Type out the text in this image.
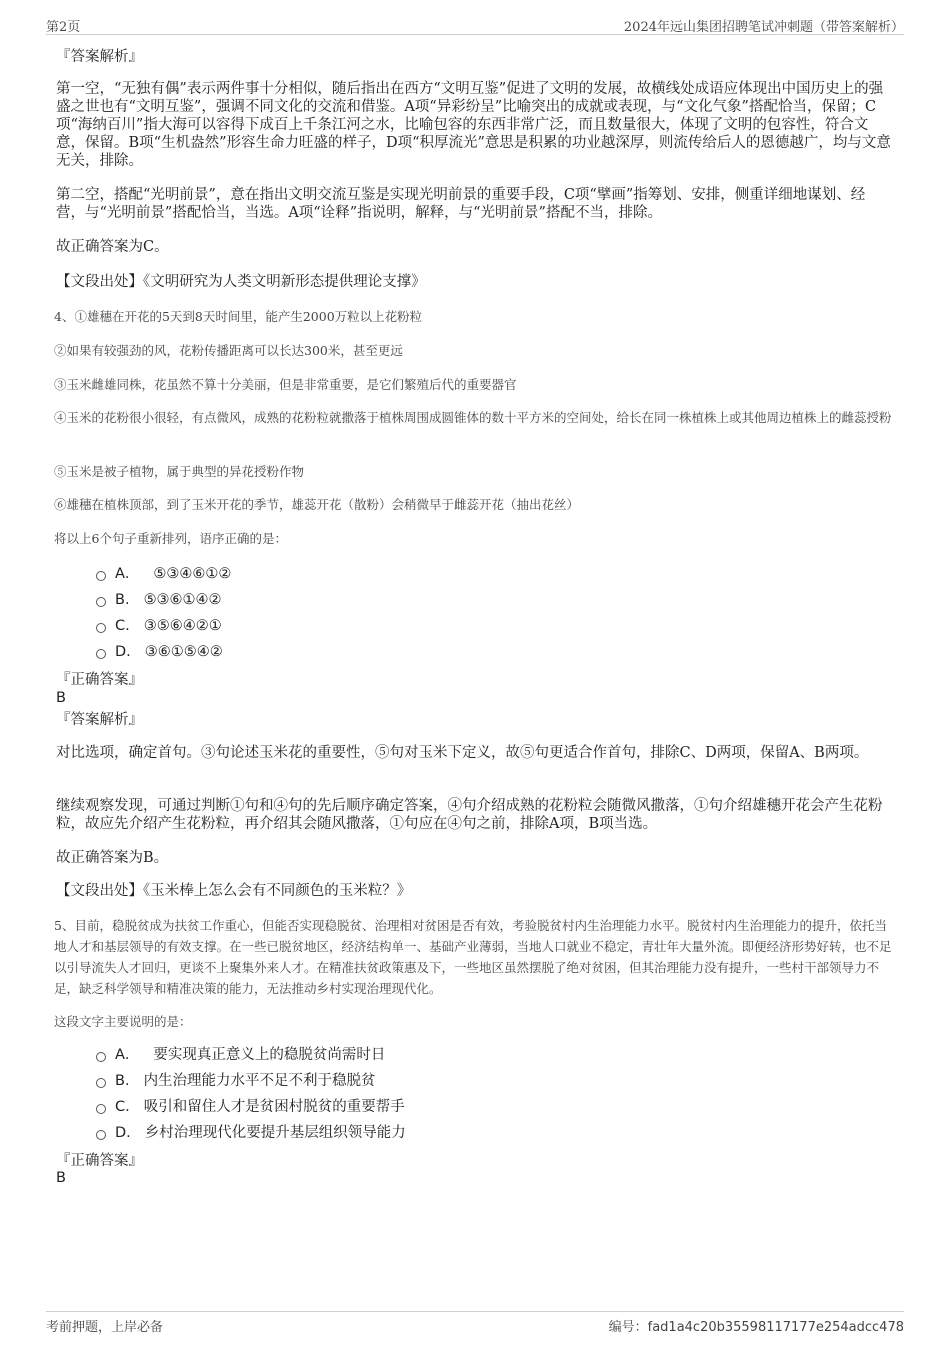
第2页	2024年远山集团招聘笔试冲刺题（带答案解析）
『答案解析』
第一空，“无独有偶”表示两件事十分相似，随后指出在西方“文明互鉴”促进了文明的发展，故横线处成语应体现出中国历史上的强盛之世也有“文明互鉴”，强调不同文化的交流和借鉴。A项“异彩纷呈”比喻突出的成就或表现，与“文化气象”搭配恰当，保留；C项“海纳百川”指大海可以容得下成百上千条江河之水，比喻包容的东西非常广泛，而且数量很大，体现了文明的包容性，符合文意，保留。B项“生机盎然”形容生命力旺盛的样子，D项“积厚流光”意思是积累的功业越深厚，则流传给后人的恩德越广，均与文意无关，排除。
第二空，搭配“光明前景”，意在指出文明交流互鉴是实现光明前景的重要手段，C项“擘画”指筹划、安排，侧重详细地谋划、经营，与“光明前景”搭配恰当，当选。A项“诠释”指说明，解释，与“光明前景”搭配不当，排除。
故正确答案为C。
【文段出处】《文明研究为人类文明新形态提供理论支撑》
4、①雄穗在开花的5天到8天时间里，能产生2000万粒以上花粉粒
②如果有较强劲的风，花粉传播距离可以长达300米，甚至更远
③玉米雌雄同株，花虽然不算十分美丽，但是非常重要，是它们繁殖后代的重要器官
④玉米的花粉很小很轻，有点微风，成熟的花粉粒就撒落于植株周围成圆锥体的数十平方米的空间处，给长在同一株植株上或其他周边植株上的雌蕊授粉
⑤玉米是被子植物，属于典型的异花授粉作物
⑥雄穗在植株顶部，到了玉米开花的季节，雄蕊开花（散粉）会稍微早于雌蕊开花（抽出花丝）
将以上6个句子重新排列，语序正确的是：
A． ⑤③④⑥①②
B. ⑤③⑥①④②
C. ③⑤⑥④②①
D. ③⑥①⑤④②
『正确答案』
B
『答案解析』
对比选项，确定首句。③句论述玉米花的重要性，⑤句对玉米下定义，故⑤句更适合作首句，排除C、D两项，保留A、B两项。
继续观察发现，可通过判断①句和④句的先后顺序确定答案，④句介绍成熟的花粉粒会随微风撒落，①句介绍雄穗开花会产生花粉粒，故应先介绍产生花粉粒，再介绍其会随风撒落，①句应在④句之前，排除A项，B项当选。
故正确答案为B。
【文段出处】《玉米棒上怎么会有不同颜色的玉米粒？》
5、目前，稳脱贫成为扶贫工作重心，但能否实现稳脱贫、治理相对贫困是否有效，考验脱贫村内生治理能力水平。脱贫村内生治理能力的提升，依托当地人才和基层领导的有效支撑。在一些已脱贫地区，经济结构单一、基础产业薄弱，当地人口就业不稳定，青壮年大量外流。即便经济形势好转，也不足以引导流失人才回归，更谈不上聚集外来人才。在精准扶贫政策惠及下，一些地区虽然摆脱了绝对贫困，但其治理能力没有提升，一些村干部领导力不足，缺乏科学领导和精准决策的能力，无法推动乡村实现治理现代化。
这段文字主要说明的是：
A． 要实现真正意义上的稳脱贫尚需时日
B. 内生治理能力水平不足不利于稳脱贫
C. 吸引和留住人才是贫困村脱贫的重要帮手
D. 乡村治理现代化要提升基层组织领导能力
『正确答案』
B
考前押题，上岸必备	编号：fad1a4c20b35598117177e254adcc478
